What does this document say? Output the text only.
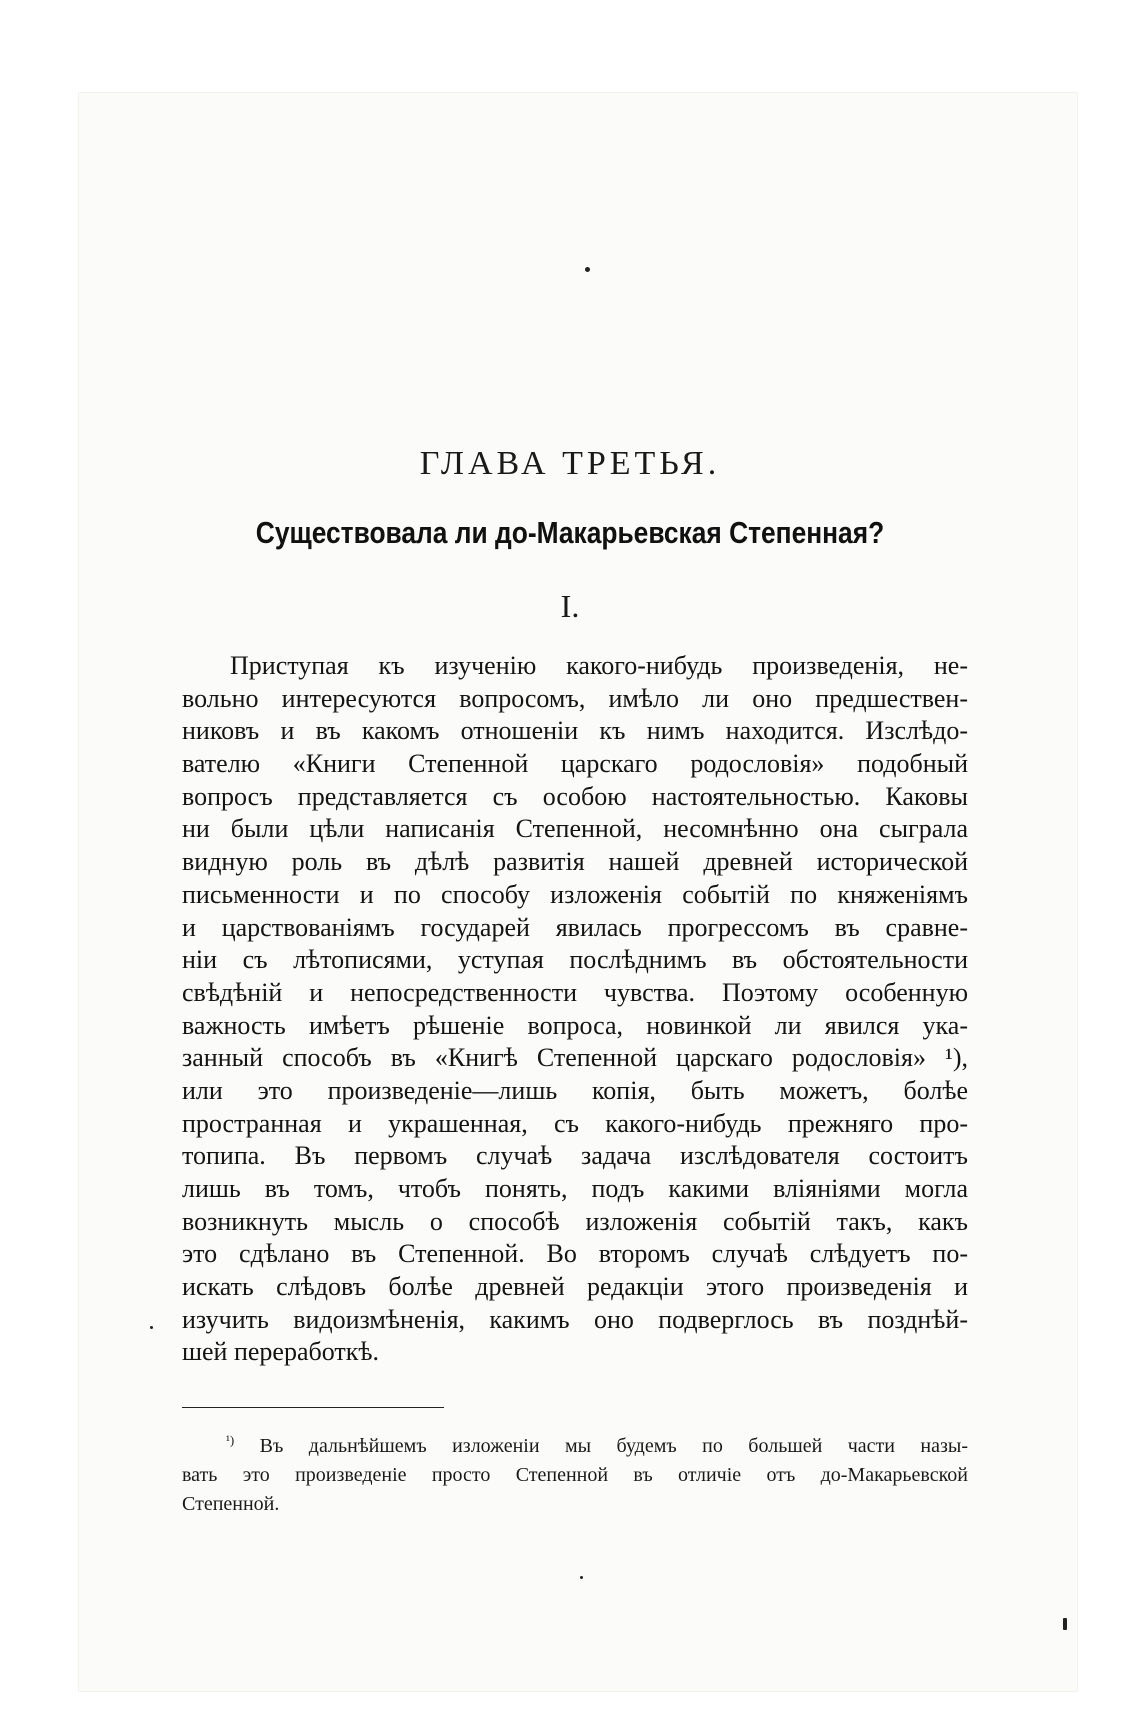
ГЛАВА ТРЕТЬЯ.
Существовала ли до-Макарьевская Степенная?
I.
Приступая къ изученію какого-нибудь произведенія, не-
вольно интересуются вопросомъ, имѣло ли оно предшествен-
никовъ и въ какомъ отношеніи къ нимъ находится. Изслѣдо-
вателю «Книги Степенной царскаго родословія» подобный
вопросъ представляется съ особою настоятельностью. Каковы
ни были цѣли написанія Степенной, несомнѣнно она сыграла
видную роль въ дѣлѣ развитія нашей древней исторической
письменности и по способу изложенія событій по княженіямъ
и царствованіямъ государей явилась прогрессомъ въ сравне-
ніи съ лѣтописями, уступая послѣднимъ въ обстоятельности
свѣдѣній и непосредственности чувства. Поэтому особенную
важность имѣетъ рѣшеніе вопроса, новинкой ли явился ука-
занный способъ въ «Книгѣ Степенной царскаго родословія» ¹),
или это произведеніе—лишь копія, быть можетъ, болѣе
пространная и украшенная, съ какого-нибудь прежняго про-
топипа. Въ первомъ случаѣ задача изслѣдователя состоитъ
лишь въ томъ, чтобъ понять, подъ какими вліяніями могла
возникнуть мысль о способѣ изложенія событій такъ, какъ
это сдѣлано въ Степенной. Во второмъ случаѣ слѣдуетъ по-
искать слѣдовъ болѣе древней редакціи этого произведенія и
изучить видоизмѣненія, какимъ оно подверглось въ позднѣй-
шей переработкѣ.
$^{^1)}$ Въ дальнѣйшемъ изложеніи мы будемъ по большей части назы-
вать это произведеніе просто Степенной въ отличіе отъ до-Макарьевской
Степенной.
